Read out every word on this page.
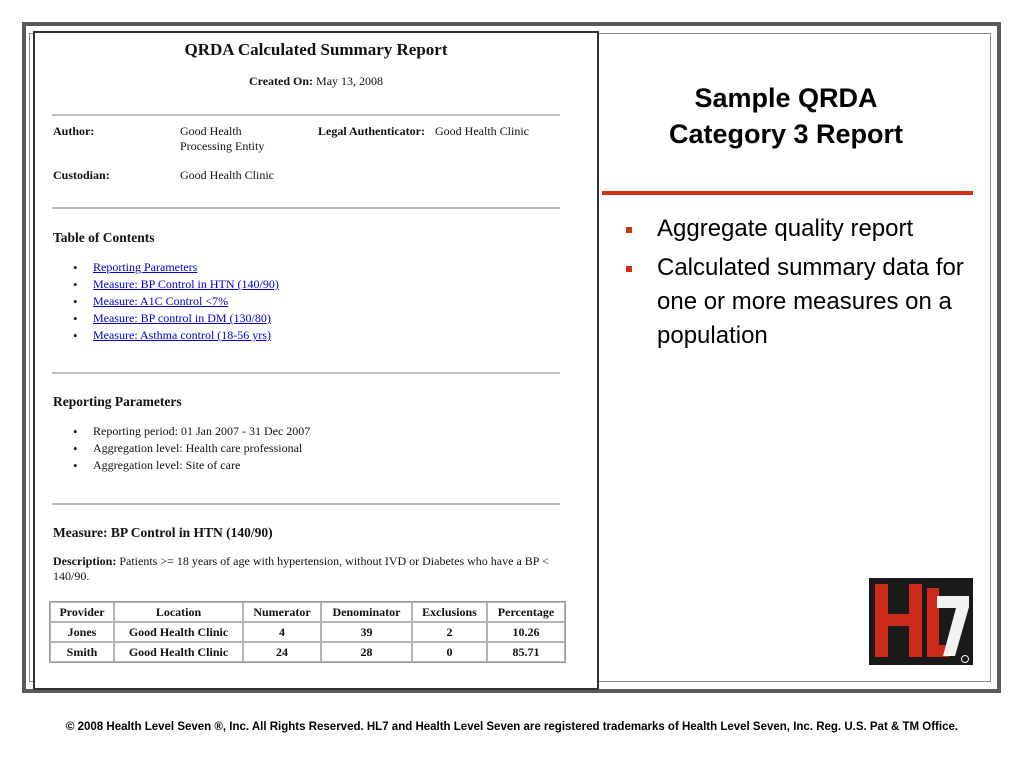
QRDA Calculated Summary Report
Created On: May 13, 2008
Author:	Good Health
Processing Entity
Legal Authenticator: Good Health Clinic
Custodian:	Good Health Clinic
Table of Contents
• Reporting Parameters
• Measure: BP Control in HTN (140/90)
• Measure: A1C Control <7%
• Measure: BP control in DM (130/80)
• Measure: Asthma control (18-56 yrs)
Reporting Parameters
• Reporting period: 01 Jan 2007 - 31 Dec 2007
• Aggregation level: Health care professional
• Aggregation level: Site of care
Measure: BP Control in HTN (140/90)
Description: Patients >= 18 years of age with hypertension, without IVD or Diabetes who have a BP < 140/90.
Provider	Location	Numerator	Denominator	Exclusions	Percentage
Jones	Good Health Clinic	4	39	2	10.26
Smith	Good Health Clinic	24	28	0	85.71
Sample QRDA
Category 3 Report
Aggregate quality report
Calculated summary data for one or more measures on a population
© 2008 Health Level Seven ®, Inc. All Rights Reserved. HL7 and Health Level Seven are registered trademarks of Health Level Seven, Inc. Reg. U.S. Pat & TM Office.
